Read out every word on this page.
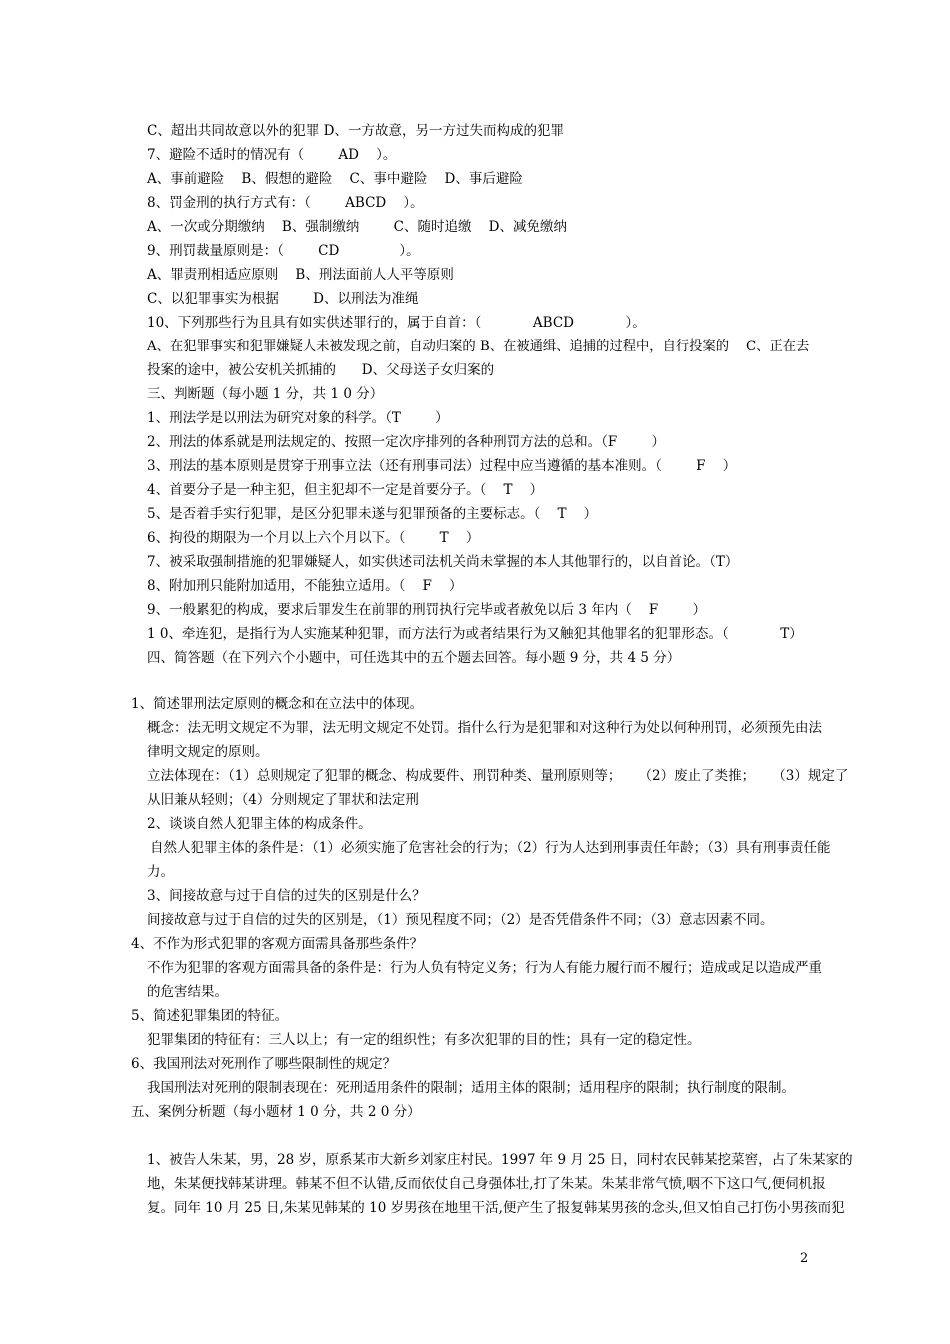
C、超出共同故意以外的犯罪 D、一方故意，另一方过失而构成的犯罪
7、避险不适时的情况有（        AD    ）。
A、事前避险    B、假想的避险    C、事中避险    D、事后避险
8、罚金刑的执行方式有：（        ABCD    ）。
A、一次或分期缴纳    B、强制缴纳        C、随时追缴    D、减免缴纳
9、刑罚裁量原则是：（        CD              ）。
A、罪责刑相适应原则    B、刑法面前人人平等原则
C、以犯罪事实为根据        D、以刑法为准绳
10、下列那些行为且具有如实供述罪行的，属于自首：（            ABCD            ）。
A、在犯罪事实和犯罪嫌疑人未被发现之前，自动归案的 B、在被通缉、追捕的过程中，自行投案的    C、正在去
投案的途中，被公安机关抓捕的      D、父母送子女归案的
三、判断题（每小题 1 分，共 1 0 分）
1、刑法学是以刑法为研究对象的科学。（T        ）
2、刑法的体系就是刑法规定的、按照一定次序排列的各种刑罚方法的总和。（F        ）
3、刑法的基本原则是贯穿于刑事立法（还有刑事司法）过程中应当遵循的基本准则。（        F    ）
4、首要分子是一种主犯，但主犯却不一定是首要分子。（    T    ）
5、是否着手实行犯罪，是区分犯罪未遂与犯罪预备的主要标志。（    T    ）
6、拘役的期限为一个月以上六个月以下。（        T    ）
7、被采取强制措施的犯罪嫌疑人，如实供述司法机关尚未掌握的本人其他罪行的，以自首论。（T）
8、附加刑只能附加适用，不能独立适用。（    F    ）
9、一般累犯的构成，要求后罪发生在前罪的刑罚执行完毕或者赦免以后 3 年内（    F        ）
1 0、牵连犯，是指行为人实施某种犯罪，而方法行为或者结果行为又触犯其他罪名的犯罪形态。（            T）
四、简答题（在下列六个小题中，可任选其中的五个题去回答。每小题 9 分，共 4 5 分）
1、简述罪刑法定原则的概念和在立法中的体现。
概念：法无明文规定不为罪，法无明文规定不处罚。指什么行为是犯罪和对这种行为处以何种刑罚，必须预先由法
律明文规定的原则。
立法体现在：（1）总则规定了犯罪的概念、构成要件、刑罚种类、量刑原则等；    （2）废止了类推；    （3）规定了
从旧兼从轻则；（4）分则规定了罪状和法定刑
2、谈谈自然人犯罪主体的构成条件。
自然人犯罪主体的条件是：（1）必须实施了危害社会的行为；（2）行为人达到刑事责任年龄；（3）具有刑事责任能
力。
3、间接故意与过于自信的过失的区别是什么？
间接故意与过于自信的过失的区别是，（1）预见程度不同；（2）是否凭借条件不同；（3）意志因素不同。
4、不作为形式犯罪的客观方面需具备那些条件？
不作为犯罪的客观方面需具备的条件是：行为人负有特定义务；行为人有能力履行而不履行；造成或足以造成严重
的危害结果。
5、简述犯罪集团的特征。
犯罪集团的特征有：三人以上；有一定的组织性；有多次犯罪的目的性；具有一定的稳定性。
6、我国刑法对死刑作了哪些限制性的规定？
我国刑法对死刑的限制表现在：死刑适用条件的限制；适用主体的限制；适用程序的限制；执行制度的限制。
五、案例分析题（每小题材 1 0 分，共 2 0 分）
1、被告人朱某，男，28 岁，原系某市大新乡刘家庄村民。1997 年 9 月 25 日，同村农民韩某挖菜窖，占了朱某家的
地，朱某便找韩某讲理。韩某不但不认错,反而依仗自己身强体壮,打了朱某。朱某非常气愤,咽不下这口气,便伺机报
复。同年 10 月 25 日,朱某见韩某的 10 岁男孩在地里干活,便产生了报复韩某男孩的念头,但又怕自己打伤小男孩而犯
2
